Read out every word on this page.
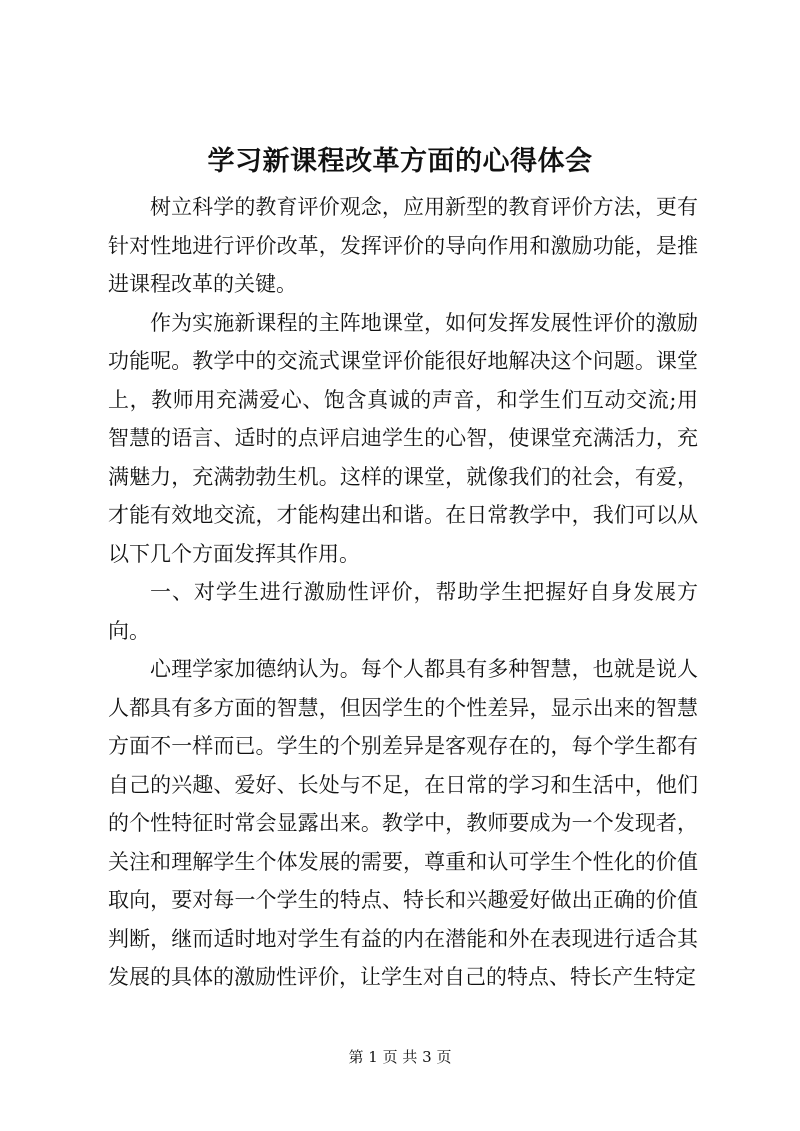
学习新课程改革方面的心得体会

树立科学的教育评价观念，应用新型的教育评价方法，更有针对性地进行评价改革，发挥评价的导向作用和激励功能，是推进课程改革的关键。

作为实施新课程的主阵地课堂，如何发挥发展性评价的激励功能呢。教学中的交流式课堂评价能很好地解决这个问题。课堂上，教师用充满爱心、饱含真诚的声音，和学生们互动交流;用智慧的语言、适时的点评启迪学生的心智，使课堂充满活力，充满魅力，充满勃勃生机。这样的课堂，就像我们的社会，有爱，才能有效地交流，才能构建出和谐。在日常教学中，我们可以从以下几个方面发挥其作用。

一、对学生进行激励性评价，帮助学生把握好自身发展方向。

心理学家加德纳认为。每个人都具有多种智慧，也就是说人人都具有多方面的智慧，但因学生的个性差异，显示出来的智慧方面不一样而已。学生的个别差异是客观存在的，每个学生都有自己的兴趣、爱好、长处与不足，在日常的学习和生活中，他们的个性特征时常会显露出来。教学中，教师要成为一个发现者，关注和理解学生个体发展的需要，尊重和认可学生个性化的价值取向，要对每一个学生的特点、特长和兴趣爱好做出正确的价值判断，继而适时地对学生有益的内在潜能和外在表现进行适合其发展的具体的激励性评价，让学生对自己的特点、特长产生特定

第 1 页 共 3 页
